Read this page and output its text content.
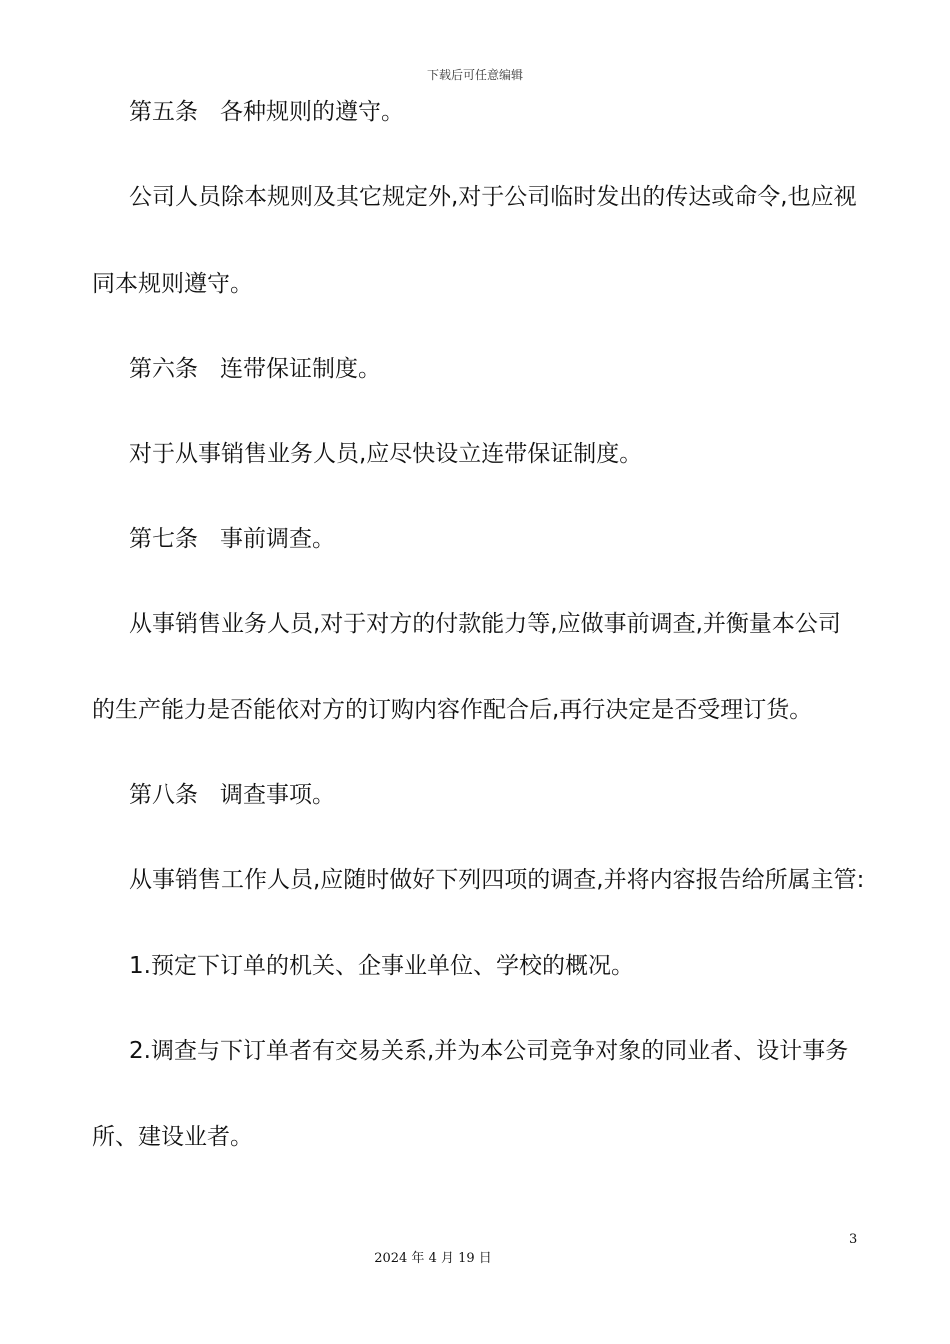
下载后可任意编辑
第五条 各种规则的遵守。
公司人员除本规则及其它规定外,对于公司临时发出的传达或命令,也应视
同本规则遵守。
第六条 连带保证制度。
对于从事销售业务人员,应尽快设立连带保证制度。
第七条 事前调查。
从事销售业务人员,对于对方的付款能力等,应做事前调查,并衡量本公司
的生产能力是否能依对方的订购内容作配合后,再行决定是否受理订货。
第八条 调查事项。
从事销售工作人员,应随时做好下列四项的调查,并将内容报告给所属主管:
1.预定下订单的机关、企事业单位、学校的概况。
2.调查与下订单者有交易关系,并为本公司竞争对象的同业者、设计事务
所、建设业者。
3
2024 年 4 月 19 日
